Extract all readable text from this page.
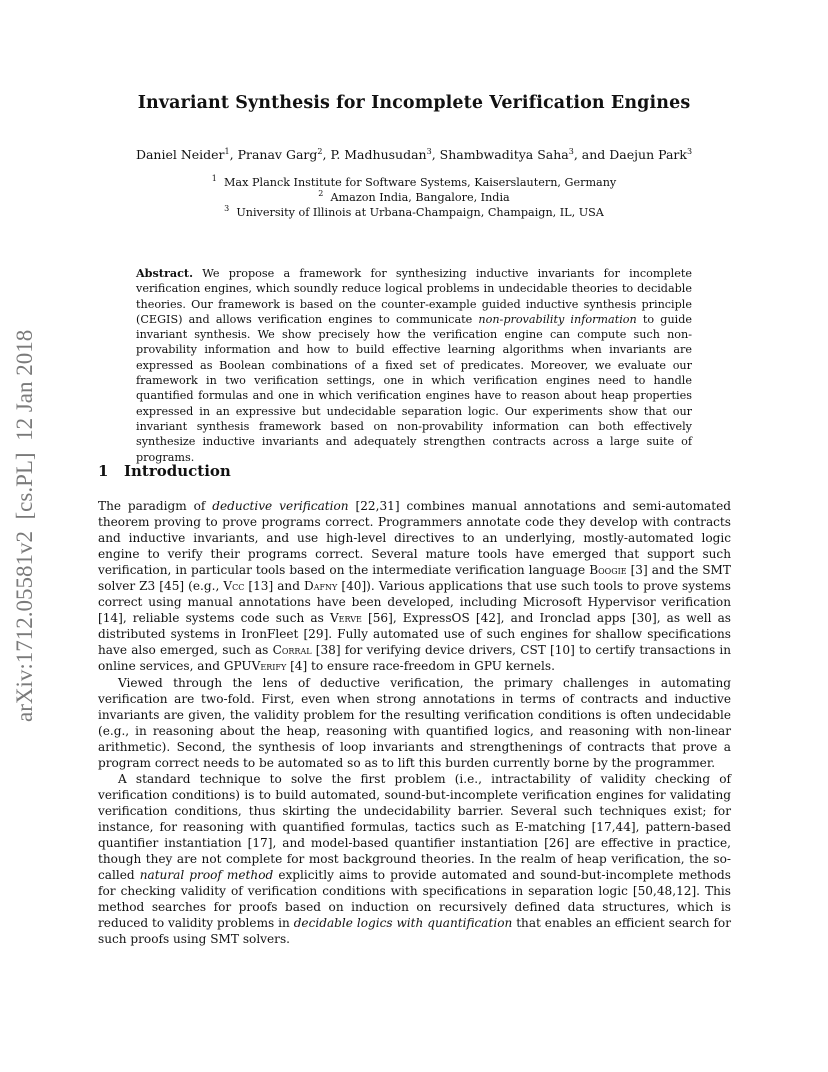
arXiv:1712.05581v2  [cs.PL]  12 Jan 2018
Invariant Synthesis for Incomplete Verification Engines
Daniel Neider$^1$, Pranav Garg$^2$, P. Madhusudan$^3$, Shambwaditya Saha$^3$, and Daejun Park$^3$
$^1$ Max Planck Institute for Software Systems, Kaiserslautern, Germany
$^2$ Amazon India, Bangalore, India
$^3$ University of Illinois at Urbana-Champaign, Champaign, IL, USA
Abstract. We propose a framework for synthesizing inductive invariants for incomplete verification engines, which soundly reduce logical problems in undecidable theories to decidable theories. Our framework is based on the counter-example guided inductive synthesis principle (CEGIS) and allows verification engines to communicate non-provability information to guide invariant synthesis. We show precisely how the verification engine can compute such non-provability information and how to build effective learning algorithms when invariants are expressed as Boolean combinations of a fixed set of predicates. Moreover, we evaluate our framework in two verification settings, one in which verification engines need to handle quantified formulas and one in which verification engines have to reason about heap properties expressed in an expressive but undecidable separation logic. Our experiments show that our invariant synthesis framework based on non-provability information can both effectively synthesize inductive invariants and adequately strengthen contracts across a large suite of programs.
1 Introduction

The paradigm of deductive verification [22,31] combines manual annotations and semi-automated theorem proving to prove programs correct. Programmers annotate code they develop with contracts and inductive invariants, and use high-level directives to an underlying, mostly-automated logic engine to verify their programs correct. Several mature tools have emerged that support such verification, in particular tools based on the intermediate verification language Boogie [3] and the SMT solver Z3 [45] (e.g., Vcc [13] and Dafny [40]). Various applications that use such tools to prove systems correct using manual annotations have been developed, including Microsoft Hypervisor verification [14], reliable systems code such as Verve [56], ExpressOS [42], and Ironclad apps [30], as well as distributed systems in IronFleet [29]. Fully automated use of such engines for shallow specifications have also emerged, such as Corral [38] for verifying device drivers, CST [10] to certify transactions in online services, and GPUVerify [4] to ensure race-freedom in GPU kernels.

Viewed through the lens of deductive verification, the primary challenges in automating verification are two-fold. First, even when strong annotations in terms of contracts and inductive invariants are given, the validity problem for the resulting verification conditions is often undecidable (e.g., in reasoning about the heap, reasoning with quantified logics, and reasoning with non-linear arithmetic). Second, the synthesis of loop invariants and strengthenings of contracts that prove a program correct needs to be automated so as to lift this burden currently borne by the programmer.

A standard technique to solve the first problem (i.e., intractability of validity checking of verification conditions) is to build automated, sound-but-incomplete verification engines for validating verification conditions, thus skirting the undecidability barrier. Several such techniques exist; for instance, for reasoning with quantified formulas, tactics such as E-matching [17,44], pattern-based quantifier instantiation [17], and model-based quantifier instantiation [26] are effective in practice, though they are not complete for most background theories. In the realm of heap verification, the so-called natural proof method explicitly aims to provide automated and sound-but-incomplete methods for checking validity of verification conditions with specifications in separation logic [50,48,12]. This method searches for proofs based on induction on recursively defined data structures, which is reduced to validity problems in decidable logics with quantification that enables an efficient search for such proofs using SMT solvers.
